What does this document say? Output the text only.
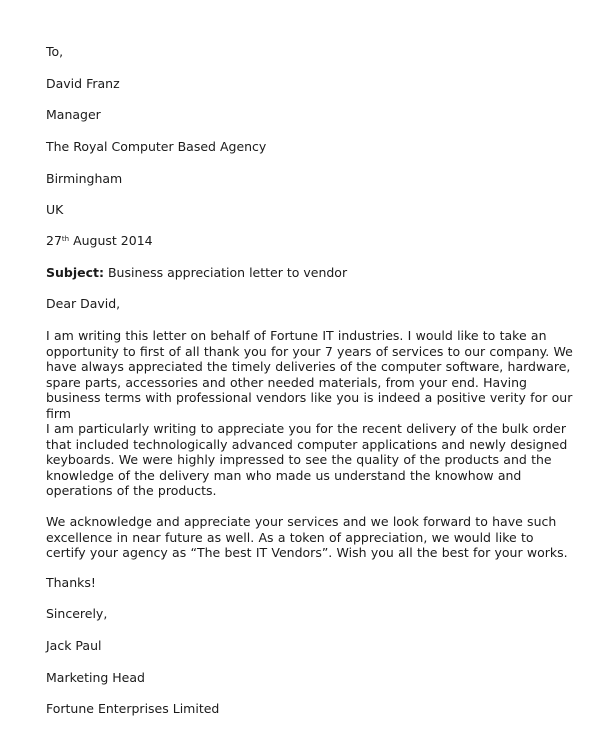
To,
David Franz
Manager
The Royal Computer Based Agency
Birmingham
UK
27th August 2014
Subject: Business appreciation letter to vendor
Dear David,
I am writing this letter on behalf of Fortune IT industries. I would like to take an opportunity to first of all thank you for your 7 years of services to our company. We have always appreciated the timely deliveries of the computer software, hardware, spare parts, accessories and other needed materials, from your end. Having business terms with professional vendors like you is indeed a positive verity for our firm
I am particularly writing to appreciate you for the recent delivery of the bulk order that included technologically advanced computer applications and newly designed keyboards. We were highly impressed to see the quality of the products and the knowledge of the delivery man who made us understand the knowhow and operations of the products.
We acknowledge and appreciate your services and we look forward to have such excellence in near future as well. As a token of appreciation, we would like to certify your agency as “The best IT Vendors”. Wish you all the best for your works.
Thanks!
Sincerely,
Jack Paul
Marketing Head
Fortune Enterprises Limited
